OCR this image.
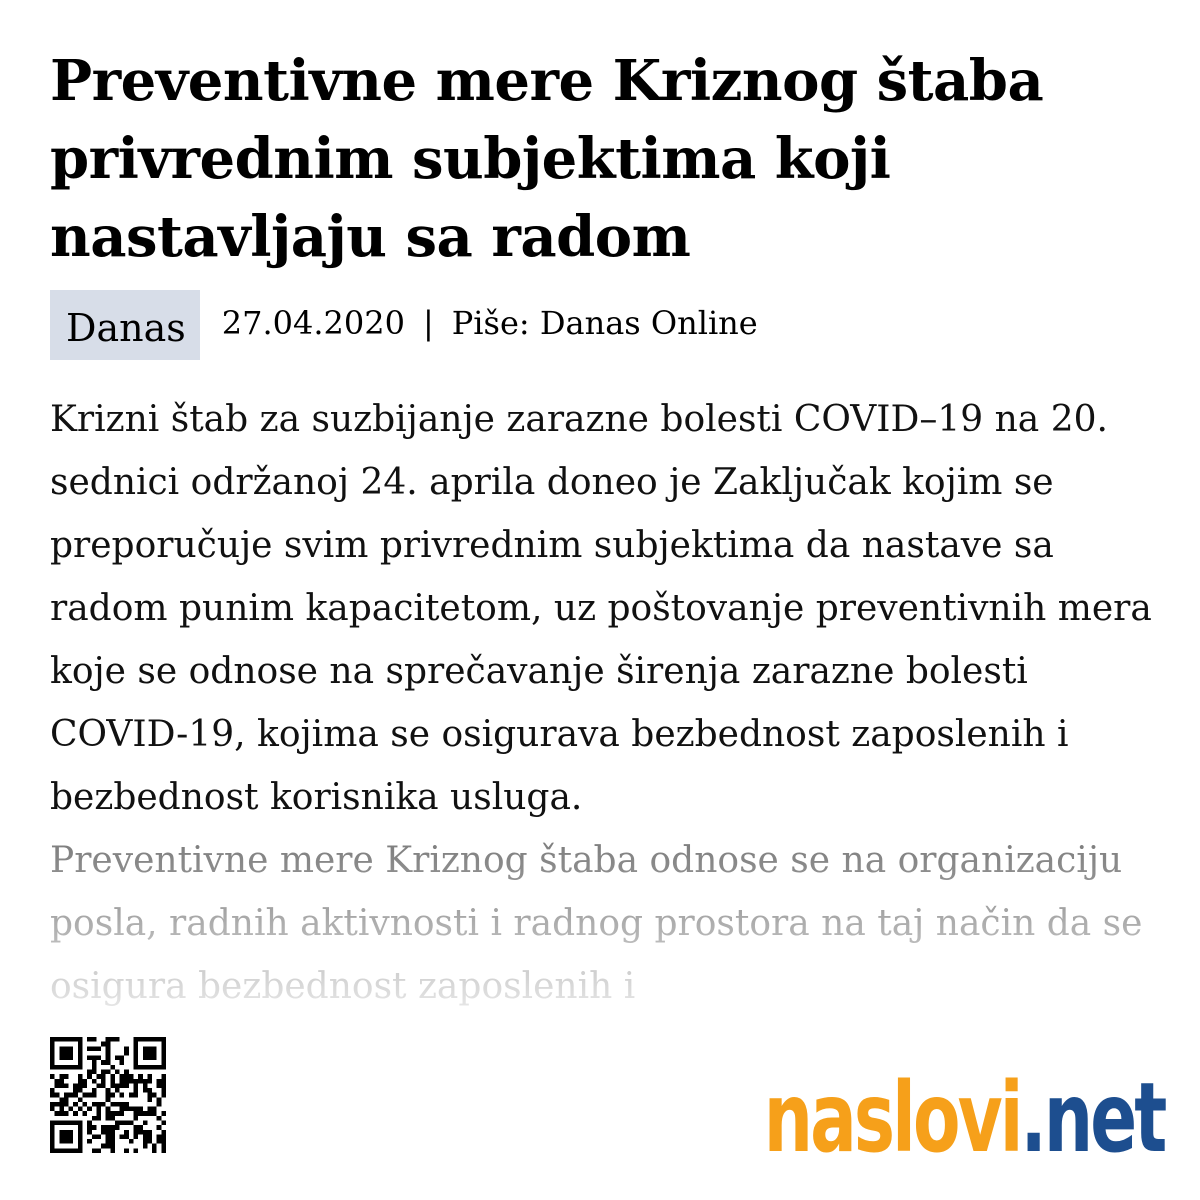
Preventivne mere Kriznog štaba privrednim subjektima koji nastavljaju sa radom
Danas	27.04.2020 | Piše: Danas Online

Krizni štab za suzbijanje zarazne bolesti COVID–19 na 20. sednici održanoj 24. aprila doneo je Zaključak kojim se preporučuje svim privrednim subjektima da nastave sa radom punim kapacitetom, uz poštovanje preventivnih mera koje se odnose na sprečavanje širenja zarazne bolesti COVID-19, kojima se osigurava bezbednost zaposlenih i bezbednost korisnika usluga.

Preventivne mere Kriznog štaba odnose se na organizaciju posla, radnih aktivnosti i radnog prostora na taj način da se osigura bezbednost zaposlenih i

naslovi.net
